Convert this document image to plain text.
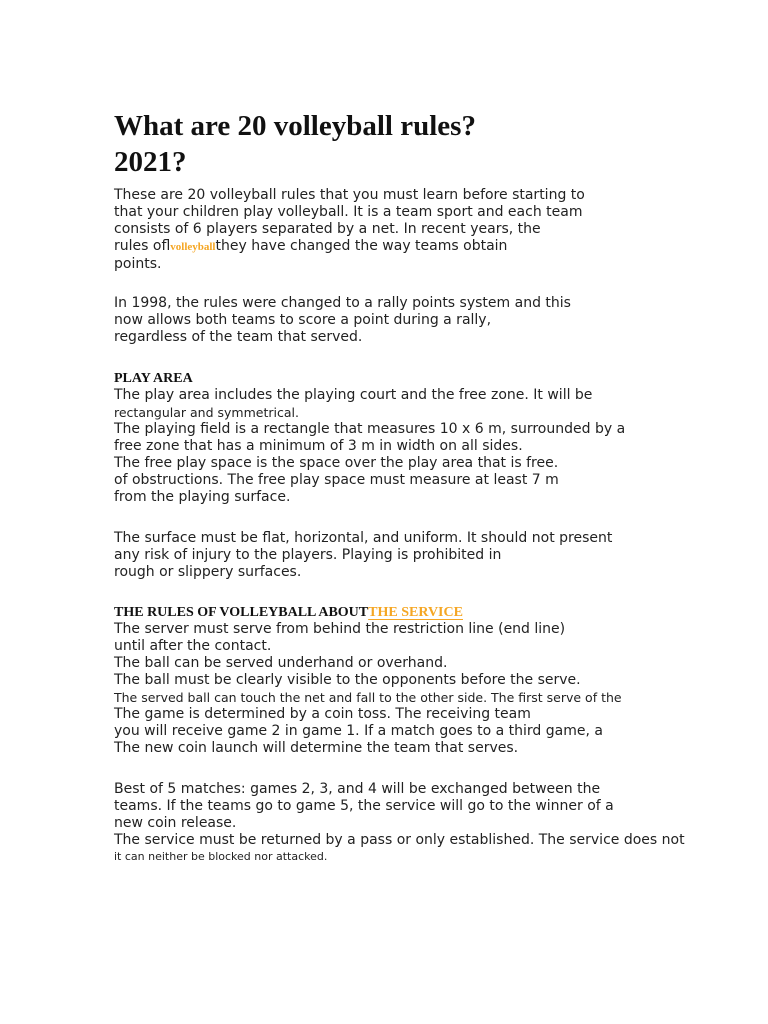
What are 20 volleyball rules?
2021?
These are 20 volleyball rules that you must learn before starting to
that your children play volleyball. It is a team sport and each team
consists of 6 players separated by a net. In recent years, the
rules oflvolleyballthey have changed the way teams obtain
points.
In 1998, the rules were changed to a rally points system and this
now allows both teams to score a point during a rally,
regardless of the team that served.
PLAY AREA
The play area includes the playing court and the free zone. It will be
rectangular and symmetrical.
The playing field is a rectangle that measures 10 x 6 m, surrounded by a
free zone that has a minimum of 3 m in width on all sides.
The free play space is the space over the play area that is free.
of obstructions. The free play space must measure at least 7 m
from the playing surface.
The surface must be flat, horizontal, and uniform. It should not present
any risk of injury to the players. Playing is prohibited in
rough or slippery surfaces.
THE RULES OF VOLLEYBALL ABOUTTHE SERVICE
The server must serve from behind the restriction line (end line)
until after the contact.
The ball can be served underhand or overhand.
The ball must be clearly visible to the opponents before the serve.
The served ball can touch the net and fall to the other side. The first serve of the
The game is determined by a coin toss. The receiving team
you will receive game 2 in game 1. If a match goes to a third game, a
The new coin launch will determine the team that serves.
Best of 5 matches: games 2, 3, and 4 will be exchanged between the
teams. If the teams go to game 5, the service will go to the winner of a
new coin release.
The service must be returned by a pass or only established. The service does not
it can neither be blocked nor attacked.
